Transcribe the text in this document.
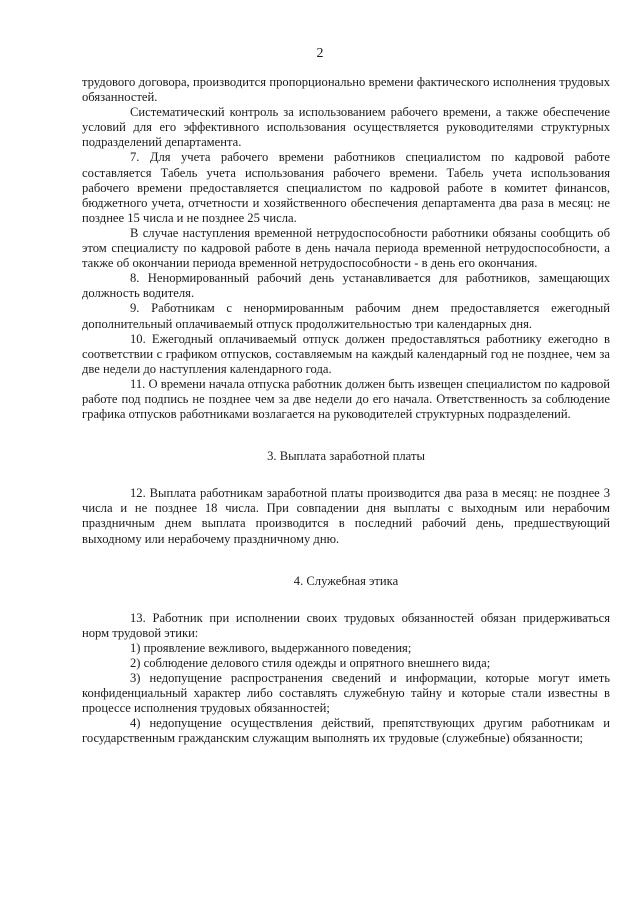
2

трудового договора, производится пропорционально времени фактического исполнения трудовых обязанностей.

Систематический контроль за использованием рабочего времени, а также обеспечение условий для его эффективного использования осуществляется руководителями структурных подразделений департамента.

7. Для учета рабочего времени работников специалистом по кадровой работе составляется Табель учета использования рабочего времени. Табель учета использования рабочего времени предоставляется специалистом по кадровой работе в комитет финансов, бюджетного учета, отчетности и хозяйственного обеспечения департамента два раза в месяц: не позднее 15 числа и не позднее 25 числа.

В случае наступления временной нетрудоспособности работники обязаны сообщить об этом специалисту по кадровой работе в день начала периода временной нетрудоспособности, а также об окончании периода временной нетрудоспособности - в день его окончания.

8. Ненормированный рабочий день устанавливается для работников, замещающих должность водителя.

9. Работникам с ненормированным рабочим днем предоставляется ежегодный дополнительный оплачиваемый отпуск продолжительностью три календарных дня.

10. Ежегодный оплачиваемый отпуск должен предоставляться работнику ежегодно в соответствии с графиком отпусков, составляемым на каждый календарный год не позднее, чем за две недели до наступления календарного года.

11. О времени начала отпуска работник должен быть извещен специалистом по кадровой работе под подпись не позднее чем за две недели до его начала. Ответственность за соблюдение графика отпусков работниками возлагается на руководителей структурных подразделений.

3. Выплата заработной платы

12. Выплата работникам заработной платы производится два раза в месяц: не позднее 3 числа и не позднее 18 числа. При совпадении дня выплаты с выходным или нерабочим праздничным днем выплата производится в последний рабочий день, предшествующий выходному или нерабочему праздничному дню.

4. Служебная этика

13. Работник при исполнении своих трудовых обязанностей обязан придерживаться норм трудовой этики:

1) проявление вежливого, выдержанного поведения;

2) соблюдение делового стиля одежды и опрятного внешнего вида;

3) недопущение распространения сведений и информации, которые могут иметь конфиденциальный характер либо составлять служебную тайну и которые стали известны в процессе исполнения трудовых обязанностей;

4) недопущение осуществления действий, препятствующих другим работникам и государственным гражданским служащим выполнять их трудовые (служебные) обязанности;
